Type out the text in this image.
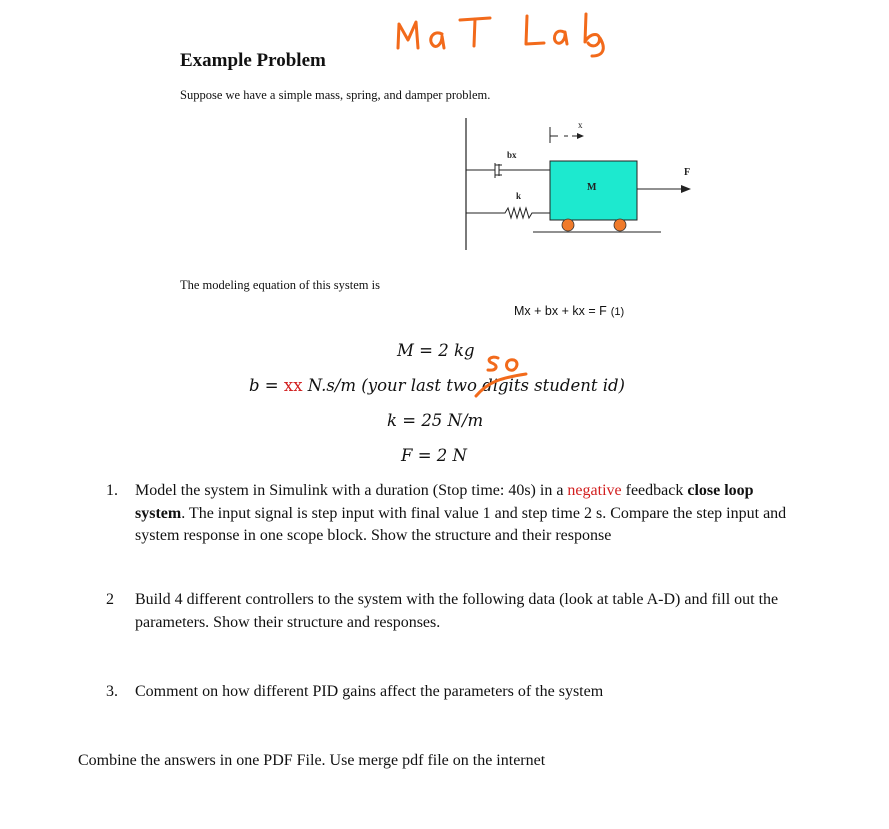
Example Problem
Suppose we have a simple mass, spring, and damper problem.
x
bx
k
M
F
The modeling equation of this system is
Mx + bx + kx = F (1)
M = 2 kg
b = xx N.s/m (your last two digits student id)
k = 25 N/m
F = 2 N
1. Model the system in Simulink with a duration (Stop time: 40s) in a negative feedback close loop system. The input signal is step input with final value 1 and step time 2 s. Compare the step input and system response in one scope block. Show the structure and their response
2 Build 4 different controllers to the system with the following data (look at table A-D) and fill out the parameters. Show their structure and responses.
3. Comment on how different PID gains affect the parameters of the system
Combine the answers in one PDF File. Use merge pdf file on the internet
